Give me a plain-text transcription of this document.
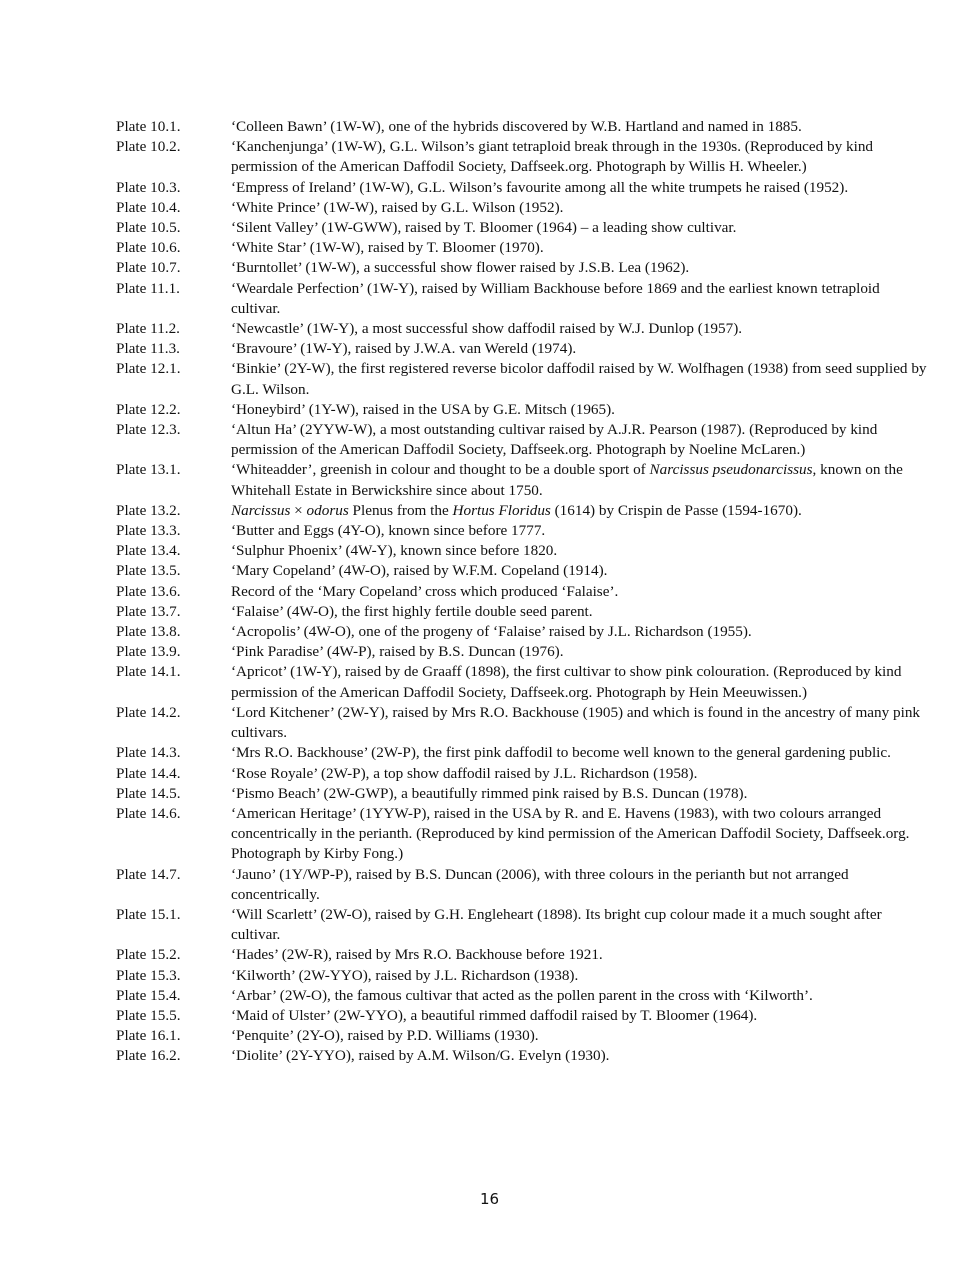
Plate 10.1.	‘Colleen Bawn’ (1W-W), one of the hybrids discovered by W.B. Hartland and named in 1885.
Plate 10.2.	‘Kanchenjunga’ (1W-W), G.L. Wilson’s giant tetraploid break through in the 1930s. (Reproduced by kind permission of the American Daffodil Society, Daffseek.org. Photograph by Willis H. Wheeler.)
Plate 10.3.	‘Empress of Ireland’ (1W-W), G.L. Wilson’s favourite among all the white trumpets he raised (1952).
Plate 10.4.	‘White Prince’ (1W-W), raised by G.L. Wilson (1952).
Plate 10.5.	‘Silent Valley’ (1W-GWW), raised by T. Bloomer (1964) – a leading show cultivar.
Plate 10.6.	‘White Star’ (1W-W), raised by T. Bloomer (1970).
Plate 10.7.	‘Burntollet’ (1W-W), a successful show flower raised by J.S.B. Lea (1962).
Plate 11.1.	‘Weardale Perfection’ (1W-Y), raised by William Backhouse before 1869 and the earliest known tetraploid cultivar.
Plate 11.2.	‘Newcastle’ (1W-Y), a most successful show daffodil raised by W.J. Dunlop (1957).
Plate 11.3.	‘Bravoure’ (1W-Y), raised by J.W.A. van Wereld (1974).
Plate 12.1.	‘Binkie’ (2Y-W), the first registered reverse bicolor daffodil raised by W. Wolfhagen (1938) from seed supplied by G.L. Wilson.
Plate 12.2.	‘Honeybird’ (1Y-W), raised in the USA by G.E. Mitsch (1965).
Plate 12.3.	‘Altun Ha’ (2YYW-W), a most outstanding cultivar raised by A.J.R. Pearson (1987). (Reproduced by kind permission of the American Daffodil Society, Daffseek.org. Photograph by Noeline McLaren.)
Plate 13.1.	‘Whiteadder’, greenish in colour and thought to be a double sport of Narcissus pseudonarcissus, known on the Whitehall Estate in Berwickshire since about 1750.
Plate 13.2.	Narcissus × odorus Plenus from the Hortus Floridus (1614) by Crispin de Passe (1594-1670).
Plate 13.3.	‘Butter and Eggs (4Y-O), known since before 1777.
Plate 13.4.	‘Sulphur Phoenix’ (4W-Y), known since before 1820.
Plate 13.5.	‘Mary Copeland’ (4W-O), raised by W.F.M. Copeland (1914).
Plate 13.6.	Record of the ‘Mary Copeland’ cross which produced ‘Falaise’.
Plate 13.7.	‘Falaise’ (4W-O), the first highly fertile double seed parent.
Plate 13.8.	‘Acropolis’ (4W-O), one of the progeny of ‘Falaise’ raised by J.L. Richardson (1955).
Plate 13.9.	‘Pink Paradise’ (4W-P), raised by B.S. Duncan (1976).
Plate 14.1.	‘Apricot’ (1W-Y), raised by de Graaff (1898), the first cultivar to show pink colouration. (Reproduced by kind permission of the American Daffodil Society, Daffseek.org. Photograph by Hein Meeuwissen.)
Plate 14.2.	‘Lord Kitchener’ (2W-Y), raised by Mrs R.O. Backhouse (1905) and which is found in the ancestry of many pink cultivars.
Plate 14.3.	‘Mrs R.O. Backhouse’ (2W-P), the first pink daffodil to become well known to the general gardening public.
Plate 14.4.	‘Rose Royale’ (2W-P), a top show daffodil raised by J.L. Richardson (1958).
Plate 14.5.	‘Pismo Beach’ (2W-GWP), a beautifully rimmed pink raised by B.S. Duncan (1978).
Plate 14.6.	‘American Heritage’ (1YYW-P), raised in the USA by R. and E. Havens (1983), with two colours arranged concentrically in the perianth. (Reproduced by kind permission of the American Daffodil Society, Daffseek.org. Photograph by Kirby Fong.)
Plate 14.7.	‘Jauno’ (1Y/WP-P), raised by B.S. Duncan (2006), with three colours in the perianth but not arranged concentrically.
Plate 15.1.	‘Will Scarlett’ (2W-O), raised by G.H. Engleheart (1898). Its bright cup colour made it a much sought after cultivar.
Plate 15.2.	‘Hades’ (2W-R), raised by Mrs R.O. Backhouse before 1921.
Plate 15.3.	‘Kilworth’ (2W-YYO), raised by J.L. Richardson (1938).
Plate 15.4.	‘Arbar’ (2W-O), the famous cultivar that acted as the pollen parent in the cross with ‘Kilworth’.
Plate 15.5.	‘Maid of Ulster’ (2W-YYO), a beautiful rimmed daffodil raised by T. Bloomer (1964).
Plate 16.1.	‘Penquite’ (2Y-O), raised by P.D. Williams (1930).
Plate 16.2.	‘Diolite’ (2Y-YYO), raised by A.M. Wilson/G. Evelyn (1930).
16
